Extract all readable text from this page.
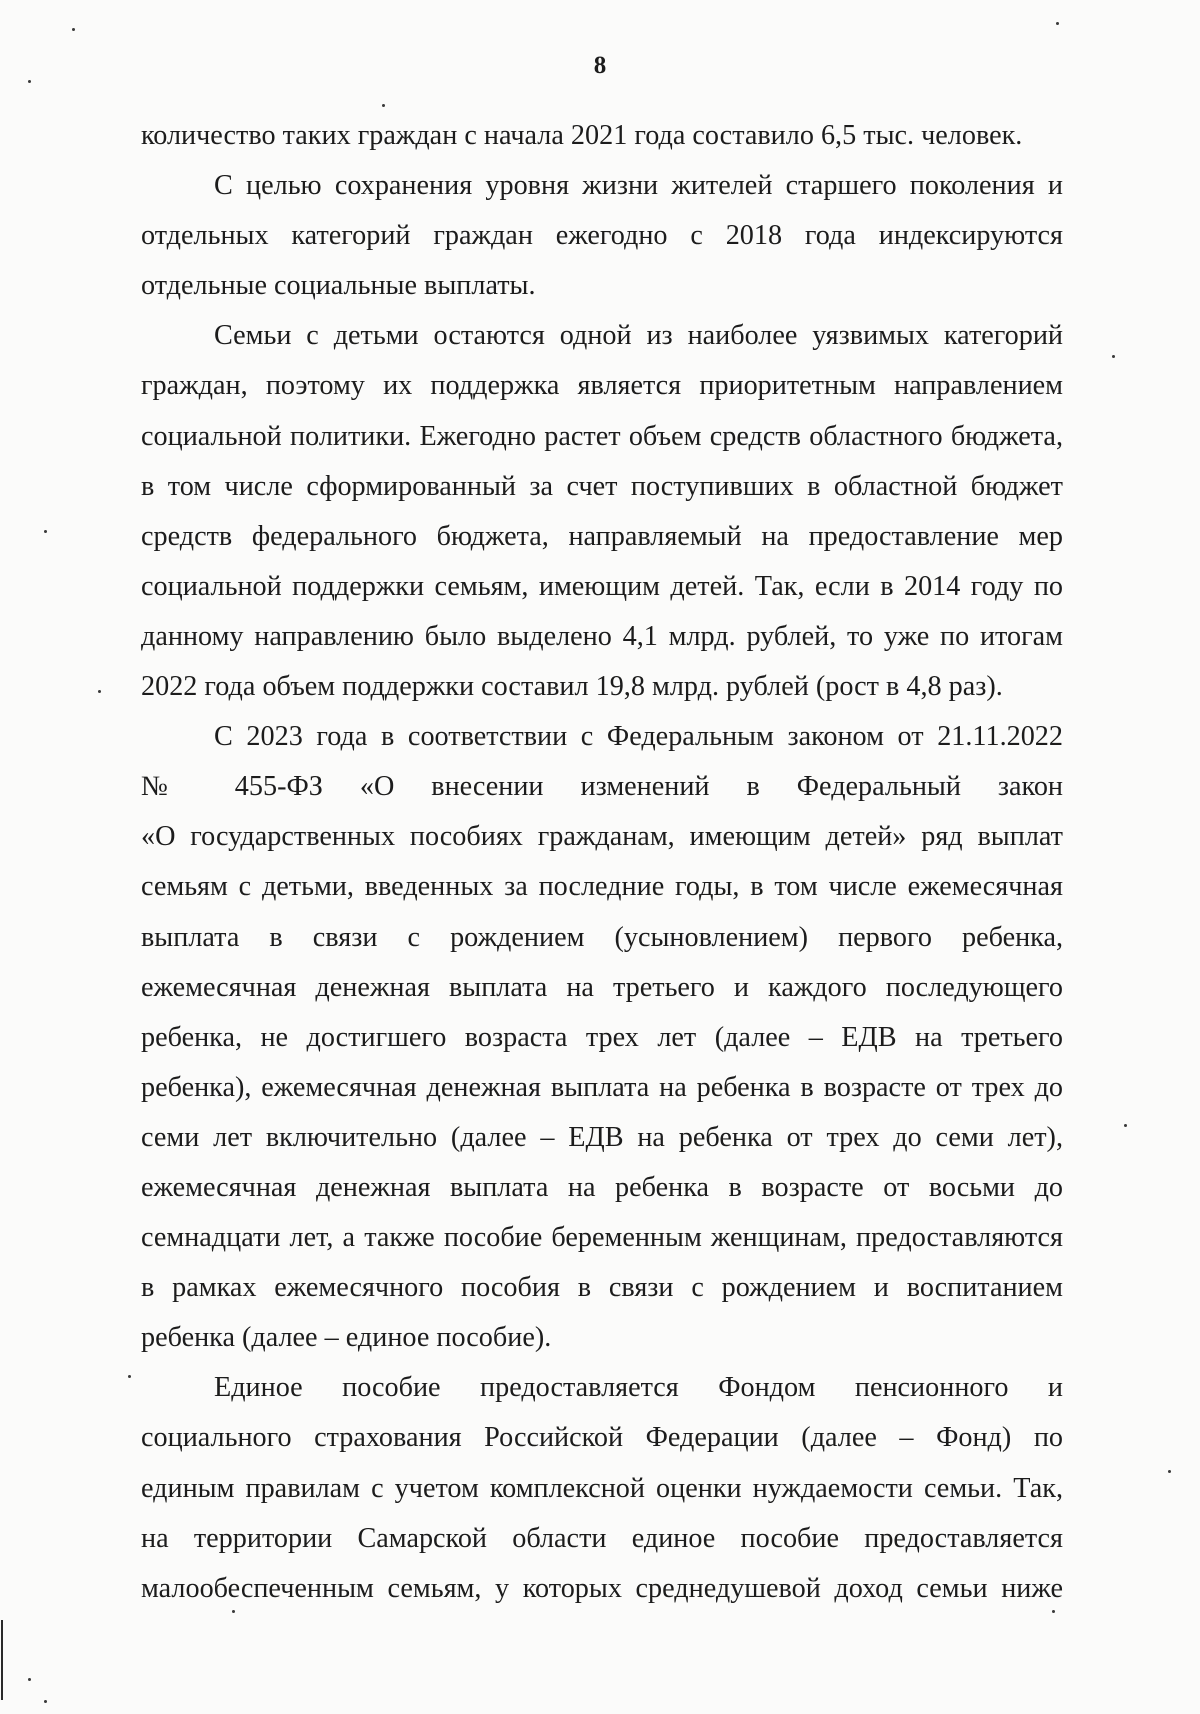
8
количество таких граждан с начала 2021 года составило 6,5 тыс. человек.
С целью сохранения уровня жизни жителей старшего поколения и
отдельных категорий граждан ежегодно с 2018 года индексируются
отдельные социальные выплаты.
Семьи с детьми остаются одной из наиболее уязвимых категорий
граждан, поэтому их поддержка является приоритетным направлением
социальной политики. Ежегодно растет объем средств областного бюджета,
в том числе сформированный за счет поступивших в областной бюджет
средств федерального бюджета, направляемый на предоставление мер
социальной поддержки семьям, имеющим детей. Так, если в 2014 году по
данному направлению было выделено 4,1 млрд. рублей, то уже по итогам
2022 года объем поддержки составил 19,8 млрд. рублей (рост в 4,8 раз).
С 2023 года в соответствии с Федеральным законом от 21.11.2022
№ 455-ФЗ «О внесении изменений в Федеральный закон
«О государственных пособиях гражданам, имеющим детей» ряд выплат
семьям с детьми, введенных за последние годы, в том числе ежемесячная
выплата в связи с рождением (усыновлением) первого ребенка,
ежемесячная денежная выплата на третьего и каждого последующего
ребенка, не достигшего возраста трех лет (далее – ЕДВ на третьего
ребенка), ежемесячная денежная выплата на ребенка в возрасте от трех до
семи лет включительно (далее – ЕДВ на ребенка от трех до семи лет),
ежемесячная денежная выплата на ребенка в возрасте от восьми до
семнадцати лет, а также пособие беременным женщинам, предоставляются
в рамках ежемесячного пособия в связи с рождением и воспитанием
ребенка (далее – единое пособие).
Единое пособие предоставляется Фондом пенсионного и
социального страхования Российской Федерации (далее – Фонд) по
единым правилам с учетом комплексной оценки нуждаемости семьи. Так,
на территории Самарской области единое пособие предоставляется
малообеспеченным семьям, у которых среднедушевой доход семьи ниже
